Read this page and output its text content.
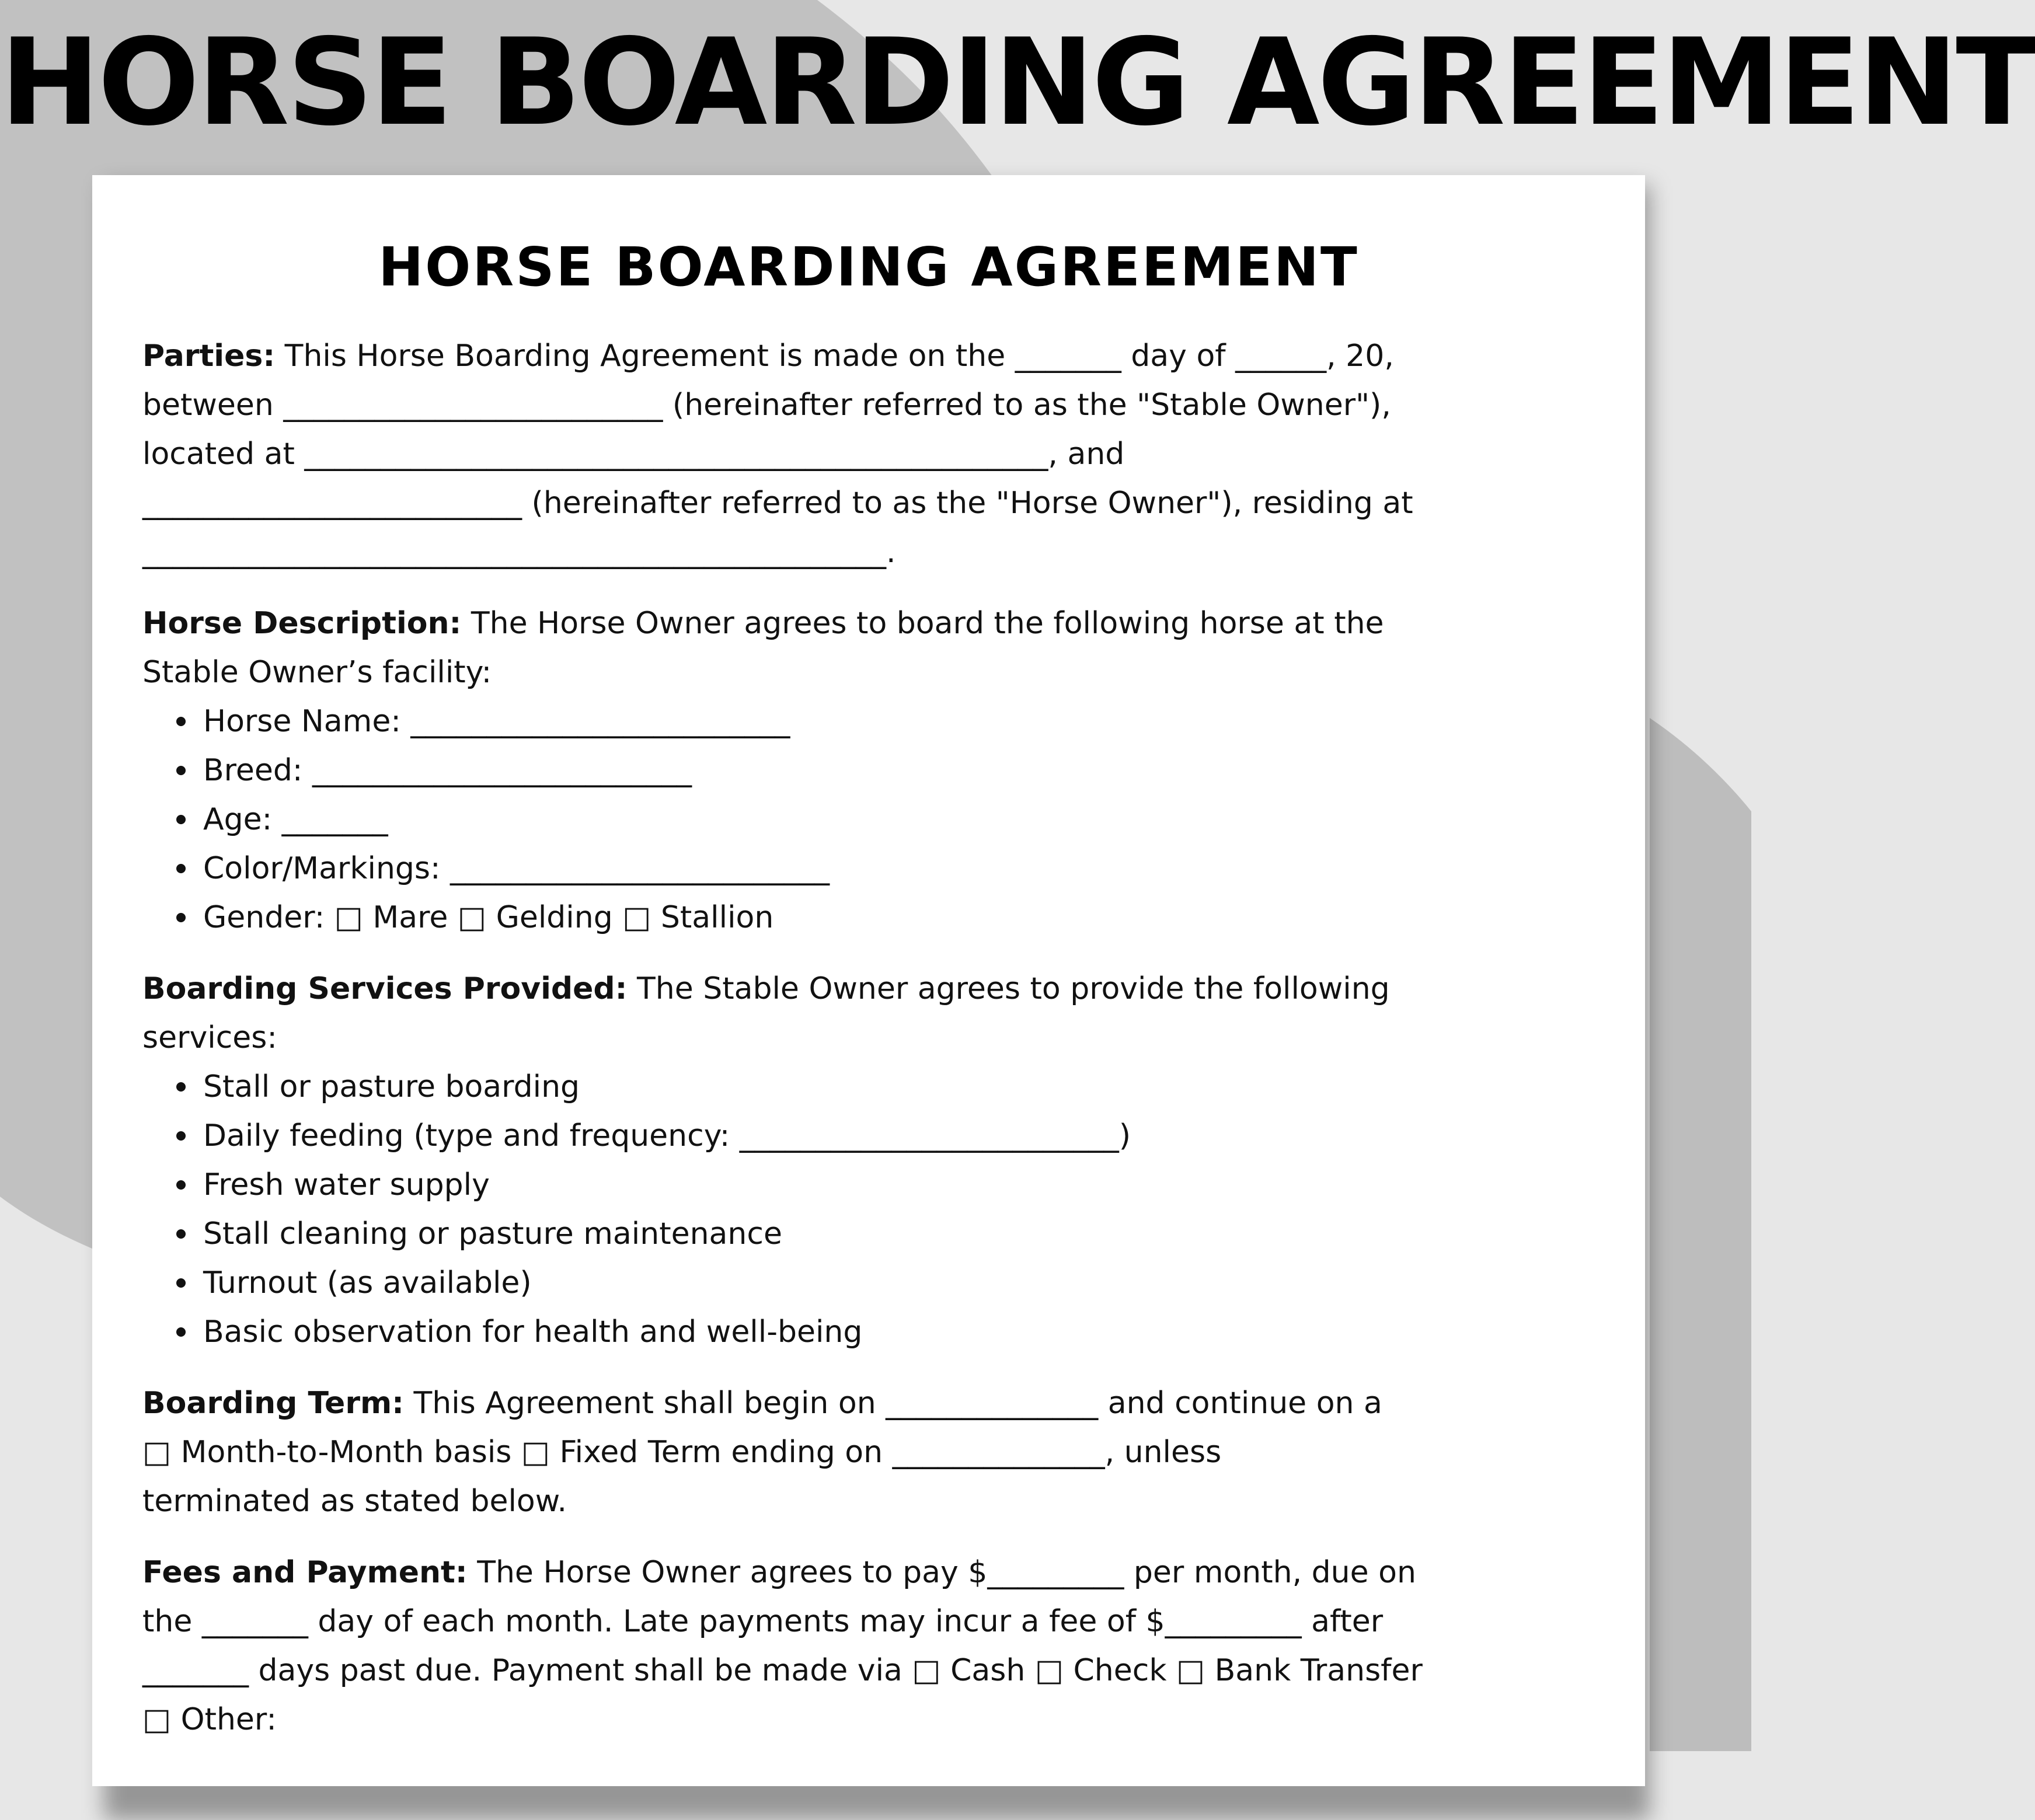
HORSE BOARDING AGREEMENT
HORSE BOARDING AGREEMENT
Parties: This Horse Boarding Agreement is made on the _______ day of ______, 20,
between _________________________ (hereinafter referred to as the "Stable Owner"),
located at _________________________________________________, and
_________________________ (hereinafter referred to as the "Horse Owner"), residing at
_________________________________________________.
Horse Description: The Horse Owner agrees to board the following horse at the
Stable Owner’s facility:
Horse Name: _________________________
Breed: _________________________
Age: _______
Color/Markings: _________________________
Gender: □ Mare □ Gelding □ Stallion
Boarding Services Provided: The Stable Owner agrees to provide the following
services:
Stall or pasture boarding
Daily feeding (type and frequency: _________________________)
Fresh water supply
Stall cleaning or pasture maintenance
Turnout (as available)
Basic observation for health and well-being
Boarding Term: This Agreement shall begin on ______________ and continue on a
□ Month-to-Month basis □ Fixed Term ending on ______________, unless
terminated as stated below.
Fees and Payment: The Horse Owner agrees to pay $_________ per month, due on
the _______ day of each month. Late payments may incur a fee of $_________ after
_______ days past due. Payment shall be made via □ Cash □ Check □ Bank Transfer
□ Other:
